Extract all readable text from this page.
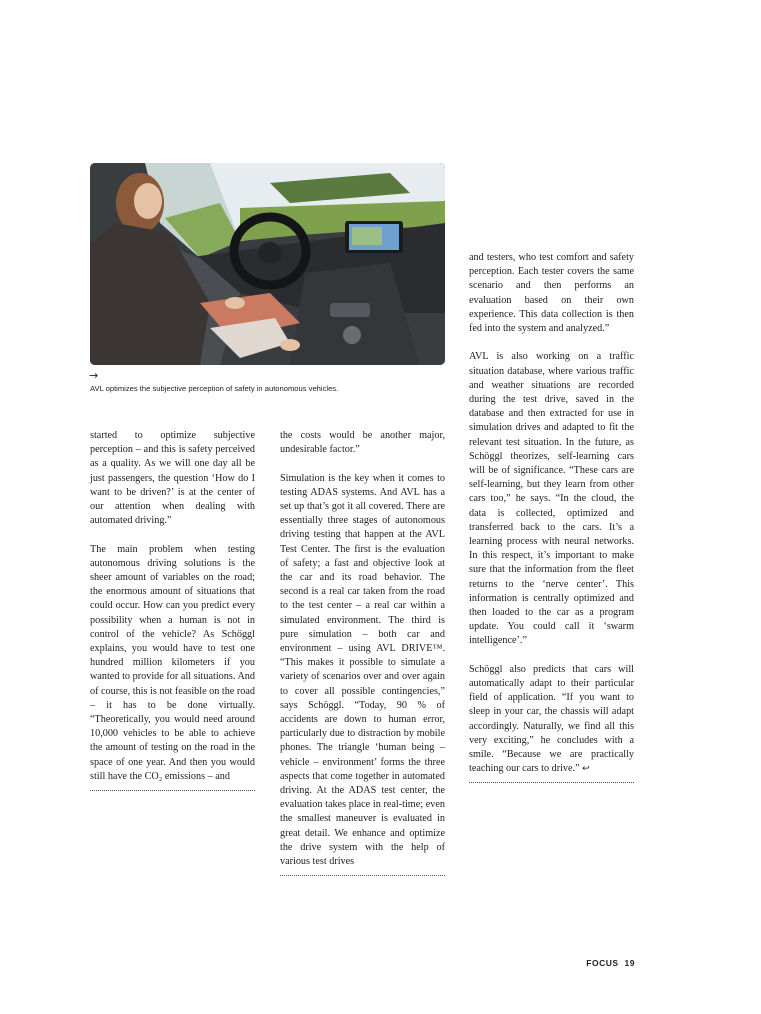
→
AVL optimizes the subjective perception of safety in autonomous vehicles.

started to optimize subjective perception – and this is safety perceived as a quality. As we will one day all be just passengers, the question ‘How do I want to be driven?’ is at the center of our attention when dealing with automated driving.”

The main problem when testing autonomous driving solutions is the sheer amount of variables on the road; the enormous amount of situations that could occur. How can you predict every possibility when a human is not in control of the vehicle? As Schöggl explains, you would have to test one hundred million kilometers if you wanted to provide for all situations. And of course, this is not feasible on the road – it has to be done virtually. “Theoretically, you would need around 10,000 vehicles to be able to achieve the amount of testing on the road in the space of one year. And then you would still have the CO₂ emissions – and

the costs would be another major, undesirable factor.”

Simulation is the key when it comes to testing ADAS systems. And AVL has a set up that’s got it all covered. There are essentially three stages of autonomous driving testing that happen at the AVL Test Center. The first is the evaluation of safety; a fast and objective look at the car and its road behavior. The second is a real car taken from the road to the test center – a real car within a simulated environment. The third is pure simulation – both car and environment – using AVL DRIVE™. “This makes it possible to simulate a variety of scenarios over and over again to cover all possible contingencies,” says Schöggl. “Today, 90 % of accidents are down to human error, particularly due to distraction by mobile phones. The triangle ‘human being – vehicle – environment’ forms the three aspects that come together in automated driving. At the ADAS test center, the evaluation takes place in real-time; even the smallest maneuver is evaluated in great detail. We enhance and optimize the drive system with the help of various test drives

and testers, who test comfort and safety perception. Each tester covers the same scenario and then performs an evaluation based on their own experience. This data collection is then fed into the system and analyzed.”

AVL is also working on a traffic situation database, where various traffic and weather situations are recorded during the test drive, saved in the database and then extracted for use in simulation drives and adapted to fit the relevant test situation. In the future, as Schöggl theorizes, self-learning cars will be of significance. “These cars are self-learning, but they learn from other cars too,” he says. “In the cloud, the data is collected, optimized and transferred back to the cars. It’s a learning process with neural networks. In this respect, it’s important to make sure that the information from the fleet returns to the ‘nerve center’. This information is centrally optimized and then loaded to the car as a program update. You could call it ‘swarm intelligence’.”

Schöggl also predicts that cars will automatically adapt to their particular field of application. “If you want to sleep in your car, the chassis will adapt accordingly. Naturally, we find all this very exciting,” he concludes with a smile. “Because we are practically teaching our cars to drive.” ↩

FOCUS 19
